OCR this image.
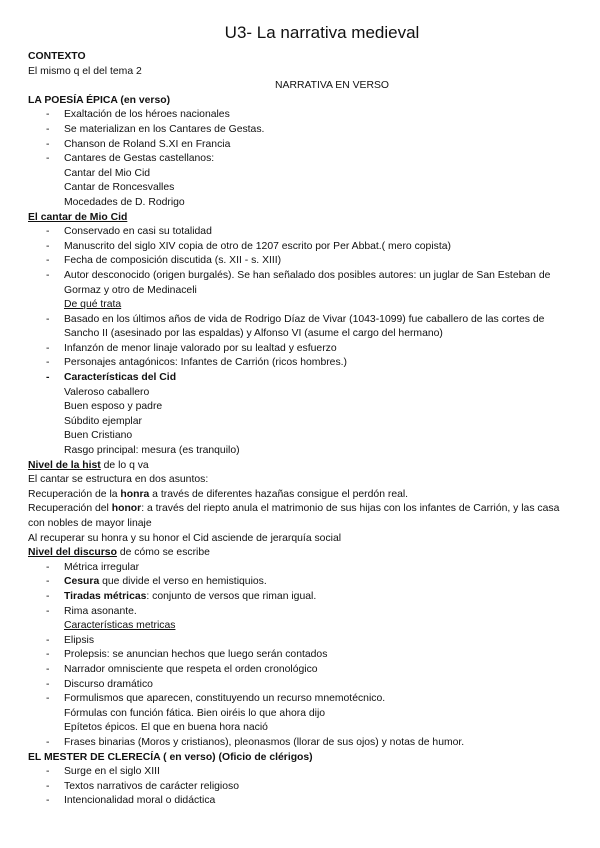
U3- La narrativa medieval

CONTEXTO

El mismo q el del tema 2

NARRATIVA EN VERSO

LA POESÍA ÉPICA (en verso)

- Exaltación de los héroes nacionales

- Se materializan en los Cantares de Gestas.

- Chanson de Roland S.XI en Francia

- Cantares de Gestas castellanos:

Cantar del Mio Cid

Cantar de Roncesvalles

Mocedades de D. Rodrigo

El cantar de Mio Cid

- Conservado en casi su totalidad

- Manuscrito del siglo XIV copia de otro de 1207 escrito por Per Abbat.( mero copista)

- Fecha de composición discutida (s. XII - s. XIII)

- Autor desconocido (origen burgalés). Se han señalado dos posibles autores: un juglar de San Esteban de Gormaz y otro de Medinaceli

De qué trata

- Basado en los últimos años de vida de Rodrigo Díaz de Vivar (1043-1099) fue caballero de las cortes de Sancho II (asesinado por las espaldas) y Alfonso VI (asume el cargo del hermano)

- Infanzón de menor linaje valorado por su lealtad y esfuerzo

- Personajes antagónicos: Infantes de Carrión (ricos hombres.)

- Características del Cid

Valeroso caballero

Buen esposo y padre

Súbdito ejemplar

Buen Cristiano

Rasgo principal: mesura (es tranquilo)

Nivel de la hist de lo q va

El cantar se estructura en dos asuntos:

Recuperación de la honra a través de diferentes hazañas consigue el perdón real.

Recuperación del honor: a través del riepto anula el matrimonio de sus hijas con los infantes de Carrión, y las casa con nobles de mayor linaje

Al recuperar su honra y su honor el Cid asciende de jerarquía social

Nivel del discurso de cómo se escribe

- Métrica irregular

- Cesura que divide el verso en hemistiquios.

- Tiradas métricas: conjunto de versos que riman igual.

- Rima asonante.

Características metricas

- Elipsis

- Prolepsis: se anuncian hechos que luego serán contados

- Narrador omnisciente que respeta el orden cronológico

- Discurso dramático

- Formulismos que aparecen, constituyendo un recurso mnemotécnico.

Fórmulas con función fática. Bien oiréis lo que ahora dijo

Epítetos épicos. El que en buena hora nació

- Frases binarias (Moros y cristianos), pleonasmos (llorar de sus ojos) y notas de humor.

EL MESTER DE CLERECÍA ( en verso) (Oficio de clérigos)

- Surge en el siglo XIII

- Textos narrativos de carácter religioso

- Intencionalidad moral o didáctica
